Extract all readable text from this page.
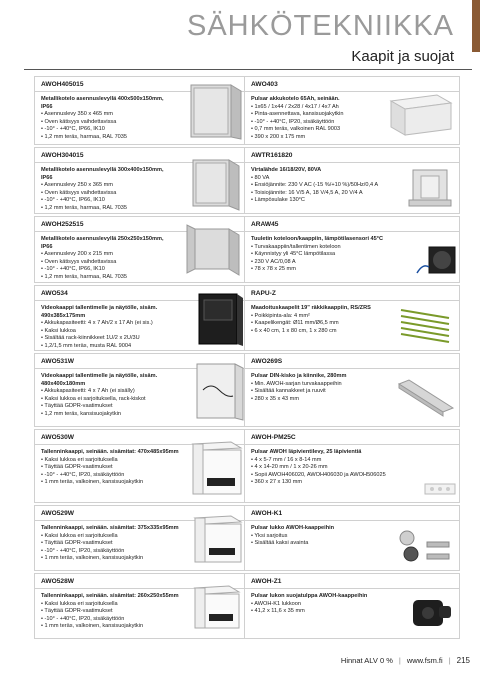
SÄHKÖTEKNIIKKA
Kaapit ja suojat
AWOH405015
Metallikotelo asennuslevyllä 400x500x150mm, IP66
• Asennuslevy 350 x 465 mm
• Oven kätisyys vaihdettavissa
• -10° - +40°C, IP66, IK10
• 1,2 mm teräs, harmaa, RAL 7035
AWO403
Pulsar akkukotelo 65Ah, seinään.
• 1x65 / 1x44 / 2x28 / 4x17 / 4x7 Ah
• Pinta-asennettava, kansisuojakytkin
• -10° - +40°C, IP20, sisäkäyttöön
• 0,7 mm teräs, valkoinen RAL 9003
• 390 x 200 x 175 mm
AWOH304015
Metallikotelo asennuslevyllä 300x400x150mm, IP66
• Asennuslevy 250 x 365 mm
• Oven kätisyys vaihdettavissa
• -10° - +40°C, IP66, IK10
• 1,2 mm teräs, harmaa, RAL 7035
AWTR161820
Virtalähde 16/18/20V, 80VA
• 80 VA
• Ensiöjännite: 230 V AC (-15 %/+10 %)/50Hz/0,4 A
• Toisiojännite: 16 V/5 A, 18 V/4,5 A, 20 V/4 A
• Lämpösulake 130°C
AWOH252515
Metallikotelo asennuslevyllä 250x250x150mm, IP66
• Asennuslevy 200 x 215 mm
• Oven kätisyys vaihdettavissa
• -10° - +40°C, IP66, IK10
• 1,2 mm teräs, harmaa, RAL 7035
ARAW45
Tuuletin koteloon/kaappiin, lämpötilasensori 45°C
• Turvakaappiin/tallentimen koteloon
• Käynnistyy yli 45°C lämpötilassa
• 230 V AC/0,08 A
• 78 x 78 x 25 mm
AWO534
Videokaappi tallentimelle ja näytölle, sisäm. 490x385x175mm
• Akkukapasiteetti: 4 x 7 Ah/2 x 17 Ah (ei sis.)
• Kaksi lukkoa
• Sisältää rack-kiinnikkeet 1U/2 x 2U/3U
• 1,2/1,5 mm teräs, musta RAL 9004
RAPU-Z
Maadoituskaapelit 19" räkkikaappiin, RS/ZRS
• Poikkipinta-ala: 4 mm²
• Kaapelikengät: Ø11 mm/Ø6,5 mm
• 6 x 40 cm, 1 x 80 cm, 1 x 280 cm
AWO531W
Videokaappi tallentimelle ja näytölle, sisäm. 480x400x180mm
• Akkukapasiteetti: 4 x 7 Ah (ei sisälly)
• Kaksi lukkoa ei sarjoituksella, rack-kiskot
• Täyttää GDPR-vaatimukset
• 1,2 mm teräs, kansisuojakytkin
AWO269S
Pulsar DIN-kisko ja kiinnike, 280mm
• Min. AWOH-sarjan turvakaappeihin
• Sisältää kannakkeet ja ruuvit
• 280 x 35 x 43 mm
AWO530W
Tallenninkaappi, seinään. sisämitat: 470x485x95mm
• Kaksi lukkoa eri sarjoituksella
• Täyttää GDPR-vaatimukset
• -10° - +40°C, IP20, sisäkäyttöön
• 1 mm teräs, valkoinen, kansisuojakytkin
AWOH-PM25C
Pulsar AWOH läpivientilevy, 25 läpivientiä
• 4 x 5-7 mm / 16 x 8-14 mm
• 4 x 14-20 mm / 1 x 20-26 mm
• Sopii AWOH406020, AWOH406030 ja AWOH506025
• 360 x 27 x 130 mm
AWO529W
Tallenninkaappi, seinään. sisämitat: 375x335x95mm
• Kaksi lukkoa eri sarjoituksella
• Täyttää GDPR-vaatimukset
• -10° - +40°C, IP20, sisäkäyttöön
• 1 mm teräs, valkoinen, kansisuojakytkin
AWOH-K1
Pulsar lukko AWOH-kaappeihin
• Yksi sarjoitus
• Sisältää kaksi avainta
AWO528W
Tallenninkaappi, seinään. sisämitat: 260x250x55mm
• Kaksi lukkoa eri sarjoituksella
• Täyttää GDPR-vaatimukset
• -10° - +40°C, IP20, sisäkäyttöön
• 1 mm teräs, valkoinen, kansisuojakytkin
AWOH-Z1
Pulsar lukon suojatulppa AWOH-kaappeihin
• AWOH-K1 lukkoon
• 41,2 x 11,6 x 35 mm
Hinnat ALV 0 % | www.fsm.fi | 215
